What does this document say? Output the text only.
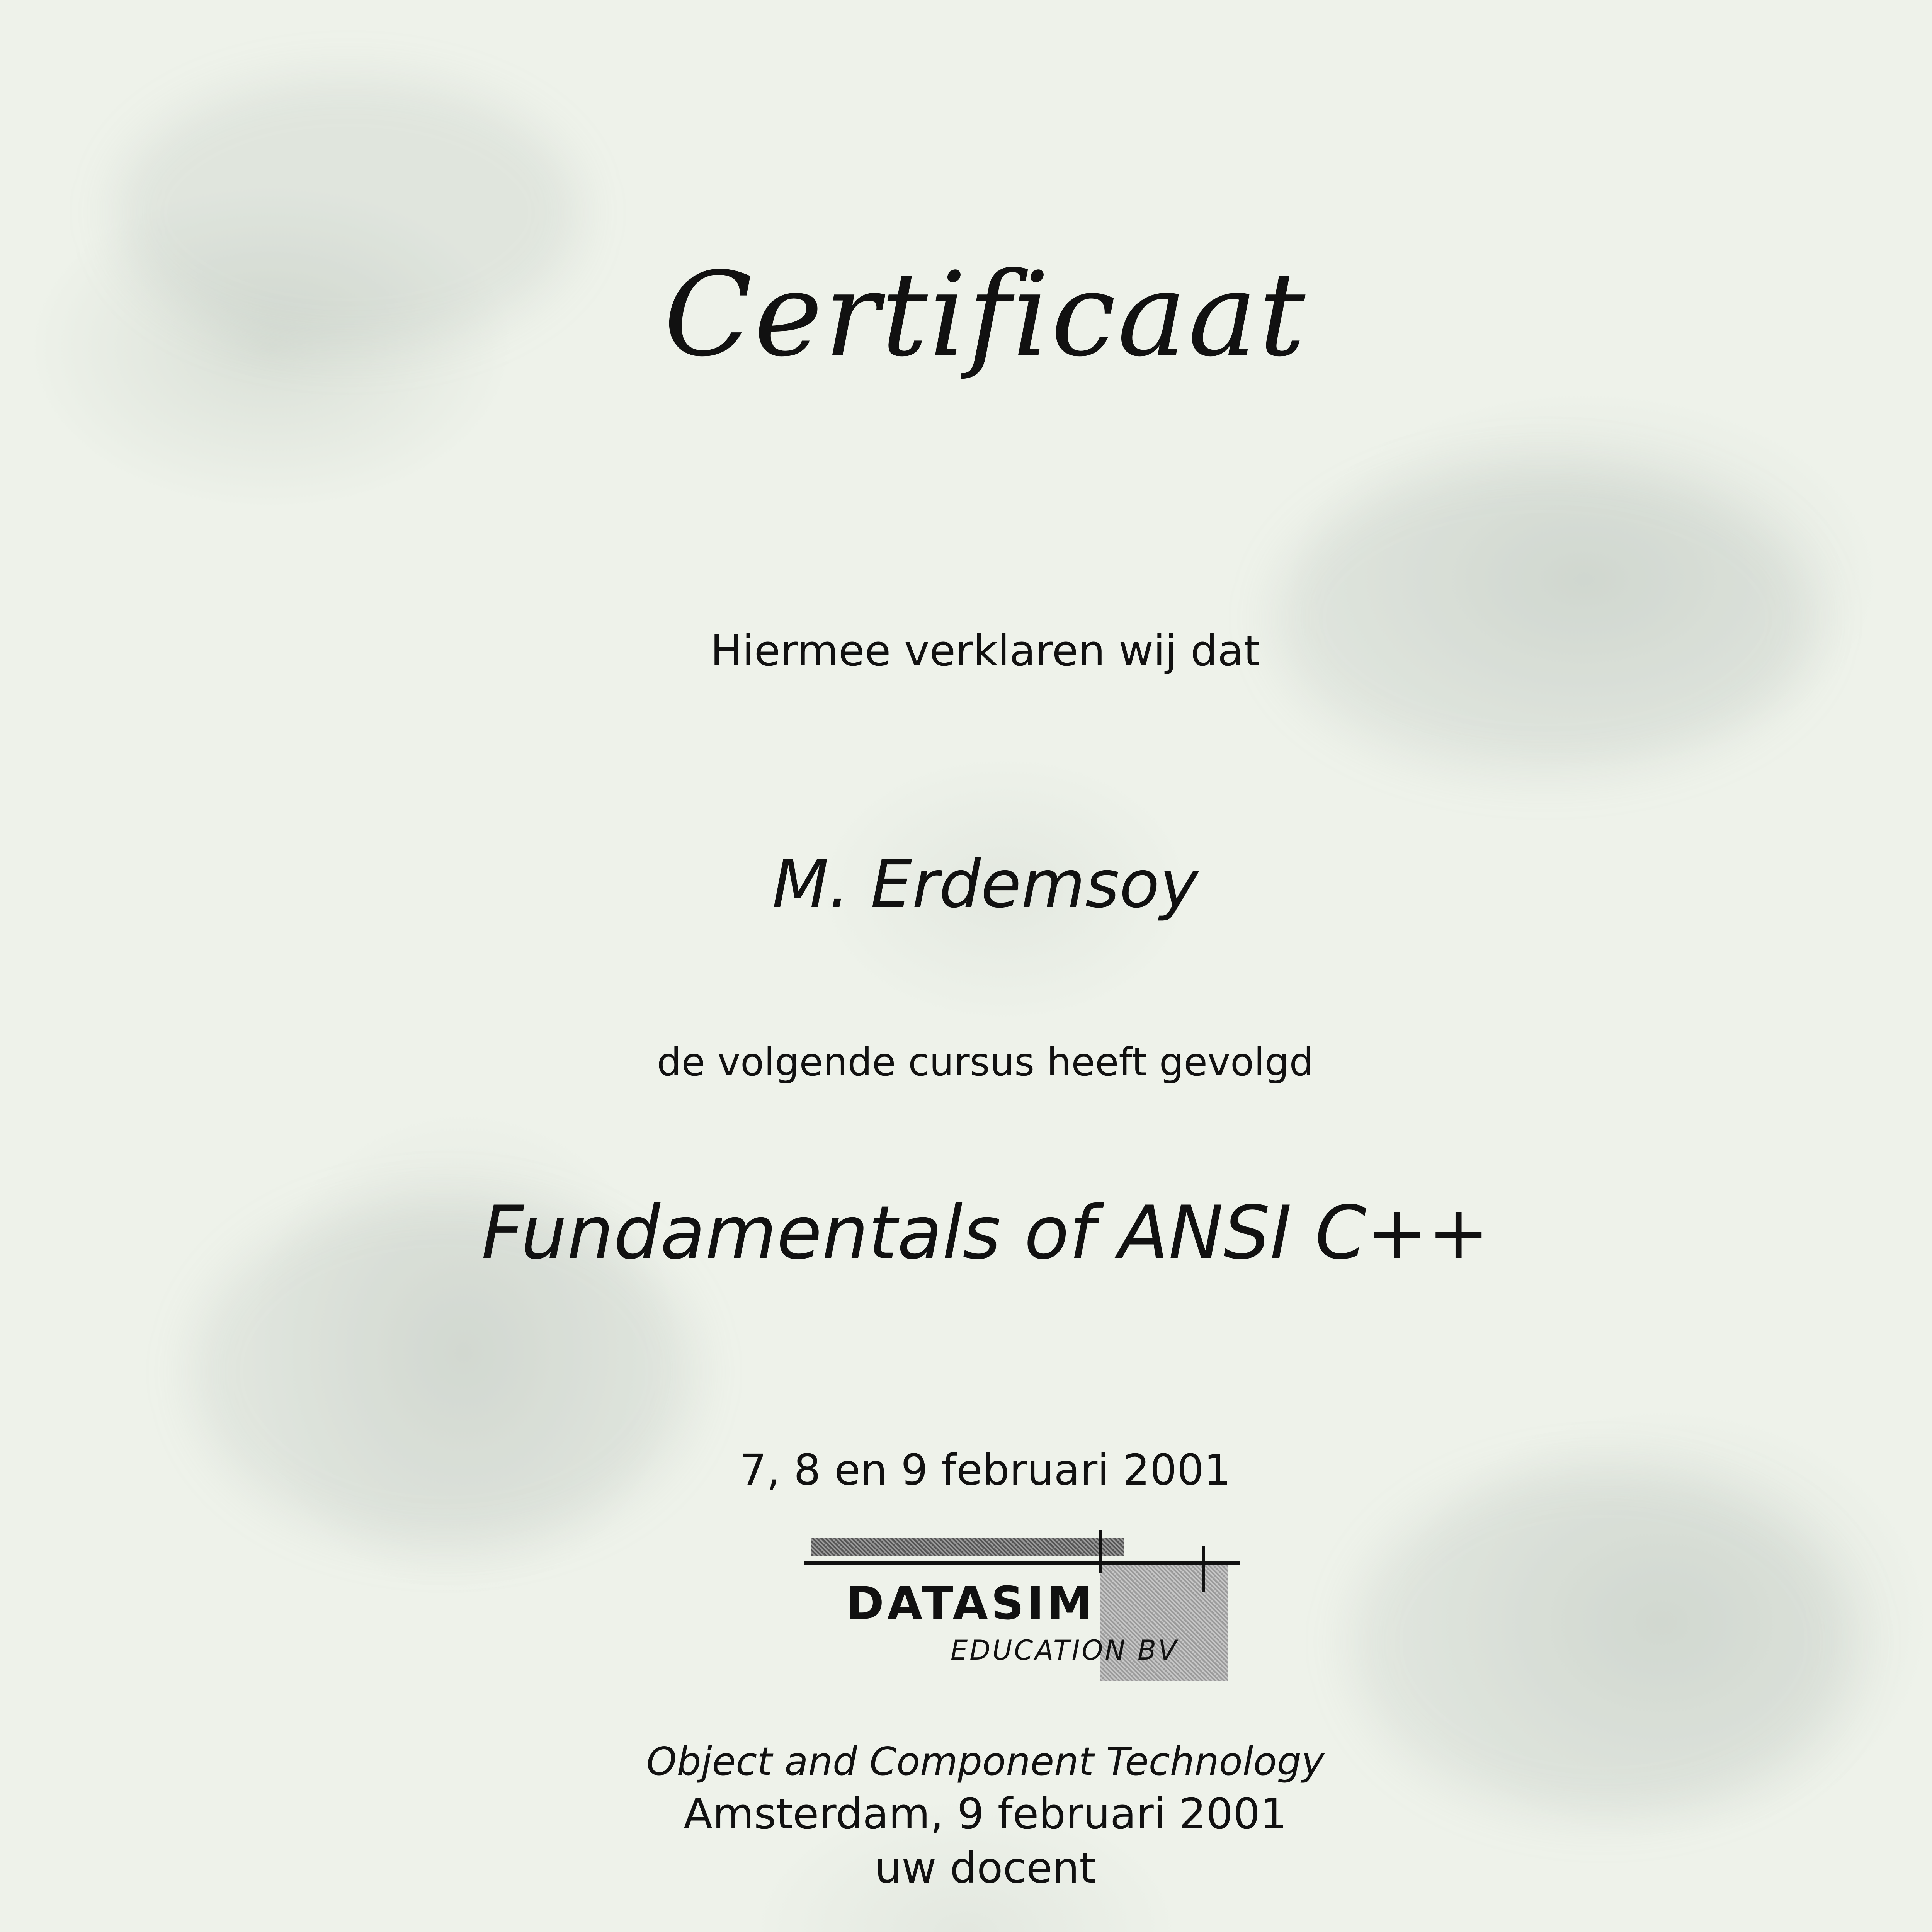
Certificaat
Hiermee verklaren wij dat
M. Erdemsoy
de volgende cursus heeft gevolgd
Fundamentals of ANSI C++
7, 8 en 9 februari 2001
DATASIM
EDUCATION BV
Object and Component Technology
Amsterdam, 9 februari 2001
uw docent
